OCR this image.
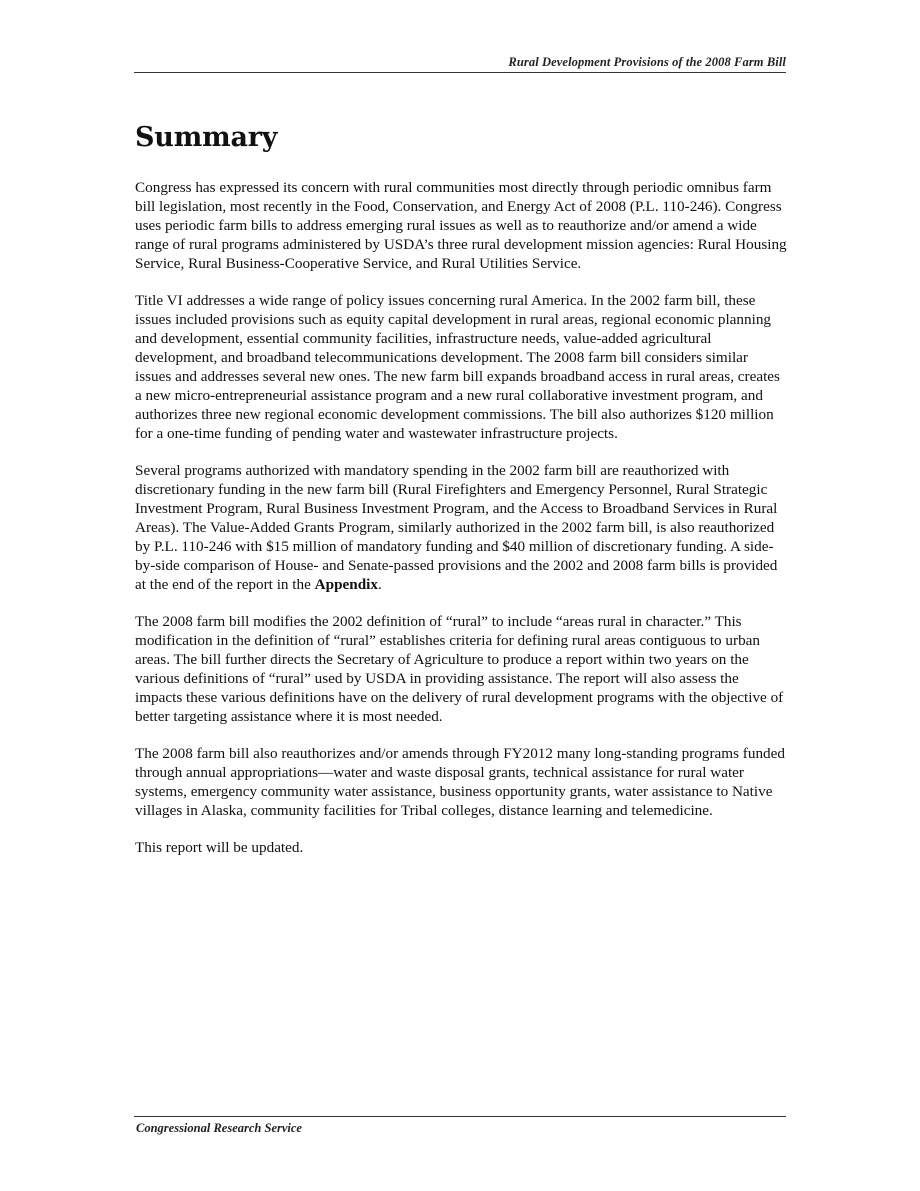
Rural Development Provisions of the 2008 Farm Bill
Summary

Congress has expressed its concern with rural communities most directly through periodic omnibus farm bill legislation, most recently in the Food, Conservation, and Energy Act of 2008 (P.L. 110-246). Congress uses periodic farm bills to address emerging rural issues as well as to reauthorize and/or amend a wide range of rural programs administered by USDA’s three rural development mission agencies: Rural Housing Service, Rural Business-Cooperative Service, and Rural Utilities Service.

Title VI addresses a wide range of policy issues concerning rural America. In the 2002 farm bill, these issues included provisions such as equity capital development in rural areas, regional economic planning and development, essential community facilities, infrastructure needs, value-added agricultural development, and broadband telecommunications development. The 2008 farm bill considers similar issues and addresses several new ones. The new farm bill expands broadband access in rural areas, creates a new micro-entrepreneurial assistance program and a new rural collaborative investment program, and authorizes three new regional economic development commissions. The bill also authorizes $120 million for a one-time funding of pending water and wastewater infrastructure projects.

Several programs authorized with mandatory spending in the 2002 farm bill are reauthorized with discretionary funding in the new farm bill (Rural Firefighters and Emergency Personnel, Rural Strategic Investment Program, Rural Business Investment Program, and the Access to Broadband Services in Rural Areas). The Value-Added Grants Program, similarly authorized in the 2002 farm bill, is also reauthorized by P.L. 110-246 with $15 million of mandatory funding and $40 million of discretionary funding. A side-by-side comparison of House- and Senate-passed provisions and the 2002 and 2008 farm bills is provided at the end of the report in the Appendix.

The 2008 farm bill modifies the 2002 definition of “rural” to include “areas rural in character.” This modification in the definition of “rural” establishes criteria for defining rural areas contiguous to urban areas. The bill further directs the Secretary of Agriculture to produce a report within two years on the various definitions of “rural” used by USDA in providing assistance. The report will also assess the impacts these various definitions have on the delivery of rural development programs with the objective of better targeting assistance where it is most needed.

The 2008 farm bill also reauthorizes and/or amends through FY2012 many long-standing programs funded through annual appropriations—water and waste disposal grants, technical assistance for rural water systems, emergency community water assistance, business opportunity grants, water assistance to Native villages in Alaska, community facilities for Tribal colleges, distance learning and telemedicine.

This report will be updated.

Congressional Research Service
